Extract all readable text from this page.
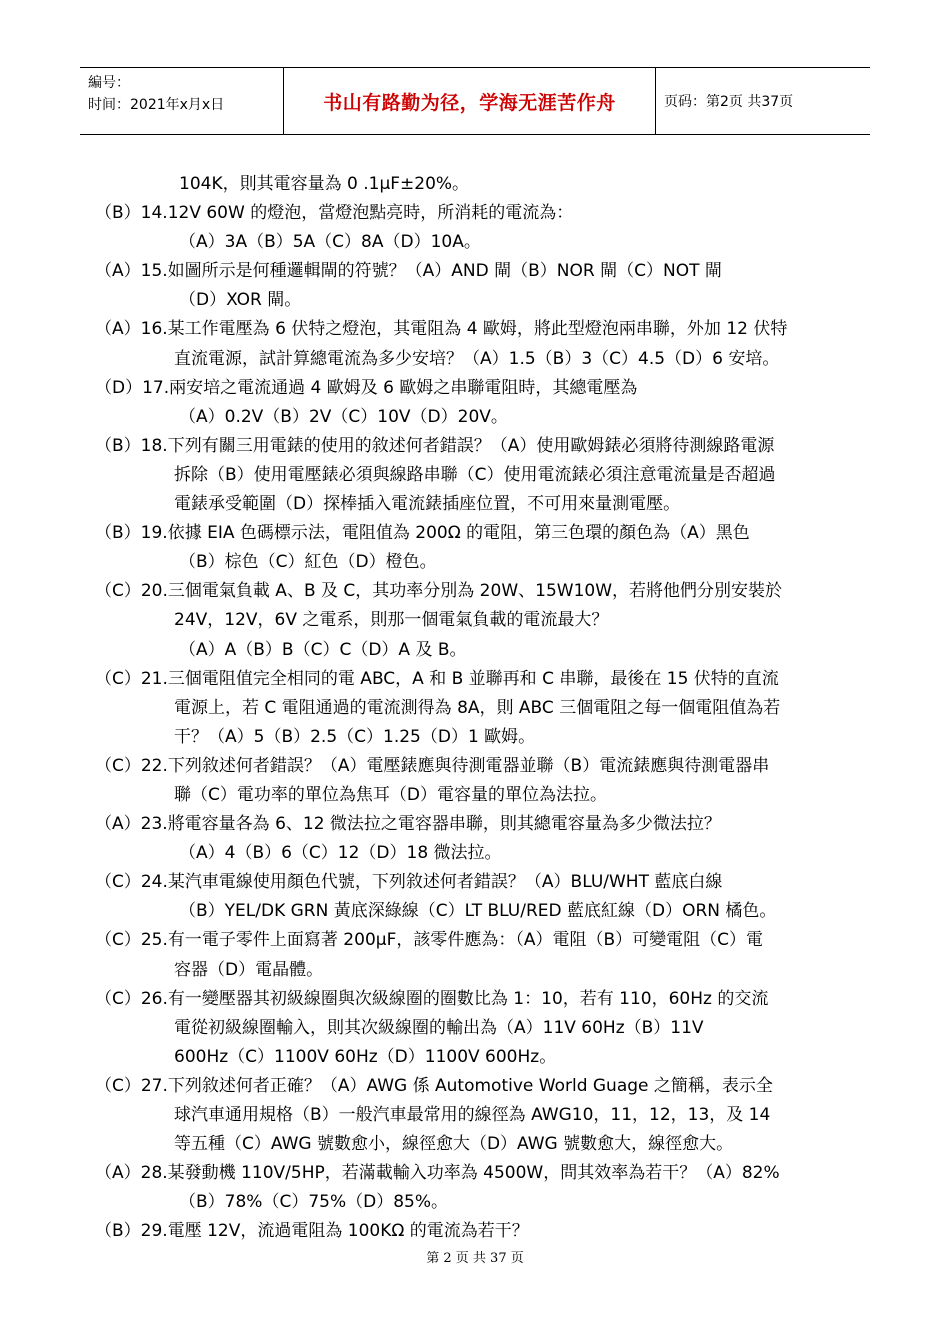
編号：
时间：2021年x月x日	书山有路勤为径，学海无涯苦作舟	页码：第2页 共37页
104K，則其電容量為 0 .1µF±20%。
（B）14.12V 60W 的燈泡，當燈泡點亮時，所消耗的電流為：
（A）3A（B）5A（C）8A（D）10A。
（A）15.如圖所示是何種邏輯閘的符號？（A）AND 閘（B）NOR 閘（C）NOT 閘
（D）XOR 閘。
（A）16.某工作電壓為 6 伏特之燈泡，其電阻為 4 歐姆，將此型燈泡兩串聯，外加 12 伏特
直流電源，試計算總電流為多少安培？（A）1.5（B）3（C）4.5（D）6 安培。
（D）17.兩安培之電流通過 4 歐姆及 6 歐姆之串聯電阻時，其總電壓為
（A）0.2V（B）2V（C）10V（D）20V。
（B）18.下列有關三用電錶的使用的敘述何者錯誤？（A）使用歐姆錶必須將待測線路電源
拆除（B）使用電壓錶必須與線路串聯（C）使用電流錶必須注意電流量是否超過
電錶承受範圍（D）探棒插入電流錶插座位置，不可用來量測電壓。
（B）19.依據 EIA 色碼標示法，電阻值為 200Ω 的電阻，第三色環的顏色為（A）黑色
（B）棕色（C）紅色（D）橙色。
（C）20.三個電氣負載 A、B 及 C，其功率分別為 20W、15W10W，若將他們分別安裝於
24V，12V，6V 之電系，則那一個電氣負載的電流最大？
（A）A（B）B（C）C（D）A 及 B。
（C）21.三個電阻值完全相同的電 ABC，A 和 B 並聯再和 C 串聯，最後在 15 伏特的直流
電源上，若 C 電阻通過的電流測得為 8A，則 ABC 三個電阻之每一個電阻值為若
干？（A）5（B）2.5（C）1.25（D）1 歐姆。
（C）22.下列敘述何者錯誤？（A）電壓錶應與待測電器並聯（B）電流錶應與待測電器串
聯（C）電功率的單位為焦耳（D）電容量的單位為法拉。
（A）23.將電容量各為 6、12 微法拉之電容器串聯，則其總電容量為多少微法拉？
（A）4（B）6（C）12（D）18 微法拉。
（C）24.某汽車電線使用顏色代號，下列敘述何者錯誤？（A）BLU/WHT 藍底白線
（B）YEL/DK GRN 黃底深綠線（C）LT BLU/RED 藍底紅線（D）ORN 橘色。
（C）25.有一電子零件上面寫著 200µF，該零件應為：（A）電阻（B）可變電阻（C）電
容器（D）電晶體。
（C）26.有一變壓器其初級線圈與次級線圈的圈數比為 1：10，若有 110，60Hz 的交流
電從初級線圈輸入，則其次級線圈的輸出為（A）11V 60Hz（B）11V
600Hz（C）1100V 60Hz（D）1100V 600Hz。
（C）27.下列敘述何者正確？（A）AWG 係 Automotive World Guage 之簡稱，表示全
球汽車通用規格（B）一般汽車最常用的線徑為 AWG10，11，12，13，及 14
等五種（C）AWG 號數愈小，線徑愈大（D）AWG 號數愈大，線徑愈大。
（A）28.某發動機 110V/5HP，若滿載輸入功率為 4500W，問其效率為若干？（A）82%
（B）78%（C）75%（D）85%。
（B）29.電壓 12V，流過電阻為 100KΩ 的電流為若干？
第 2 页 共 37 页
